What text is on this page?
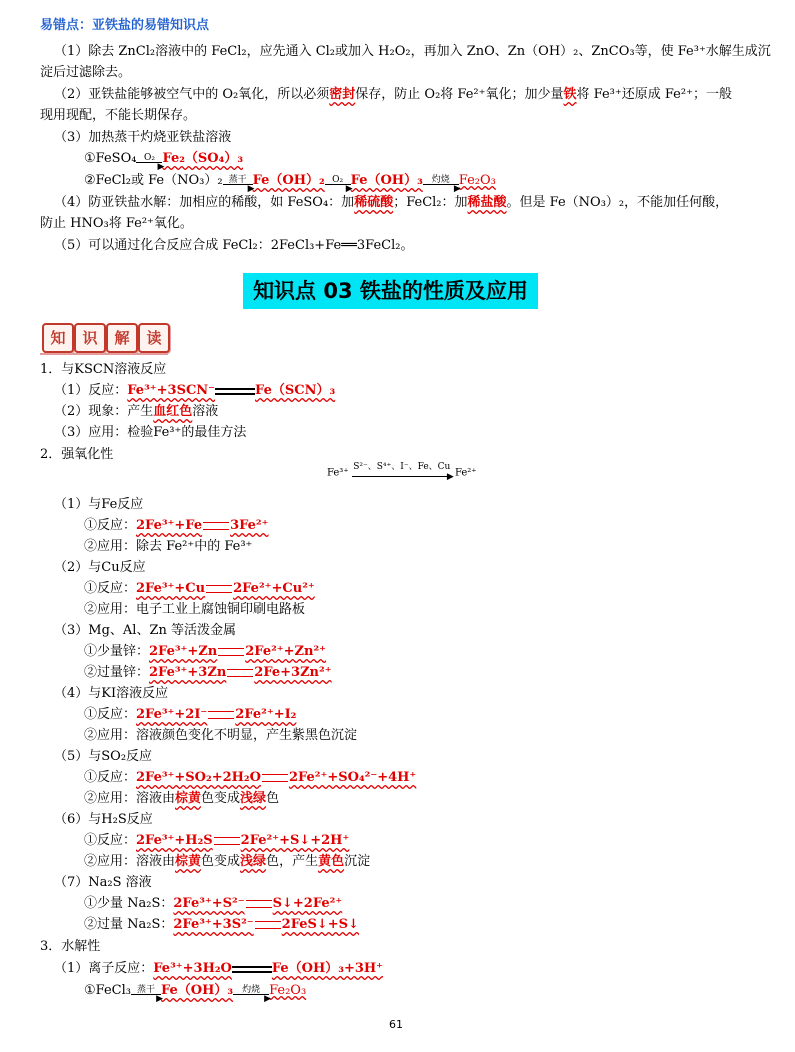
易错点：亚铁盐的易错知识点
（1）除去 ZnCl₂溶液中的 FeCl₂，应先通入 Cl₂或加入 H₂O₂，再加入 ZnO、Zn（OH）₂、ZnCO₃等，使 Fe³⁺水解生成沉
淀后过滤除去。
（2）亚铁盐能够被空气中的 O₂氧化，所以必须密封保存，防止 O₂将 Fe²⁺氧化；加少量铁将 Fe³⁺还原成 Fe²⁺；一般
现用现配，不能长期保存。
（3）加热蒸干灼烧亚铁盐溶液
①FeSO₄ O₂
▶
Fe₂（SO₄）₃
②FeCl₂或 Fe（NO₃）₂ 蒸干
▶
Fe（OH）₂ O₂
▶
Fe（OH）₃ 灼烧
▶
Fe₂O₃
（4）防亚铁盐水解：加相应的稀酸，如 FeSO₄：加稀硫酸；FeCl₂：加稀盐酸。但是 Fe（NO₃）₂，不能加任何酸，
防止 HNO₃将 Fe²⁺氧化。
（5）可以通过化合反应合成 FeCl₂：2FeCl₃+Fe══3FeCl₂。
知识点 03 铁盐的性质及应用
知	识	解	读
1．与KSCN溶液反应
（1）反应：Fe³⁺+3SCN⁻	Fe（SCN）₃
（2）现象：产生血红色溶液
（3）应用：检验Fe³⁺的最佳方法
2．强氧化性
Fe³⁺
S²⁻、S⁴⁺、I⁻、Fe、Cu
▶ Fe²⁺
（1）与Fe反应
①反应：2Fe³⁺+Fe 3Fe²⁺
②应用：除去 Fe²⁺中的 Fe³⁺
（2）与Cu反应
①反应：2Fe³⁺+Cu 2Fe²⁺+Cu²⁺
②应用：电子工业上腐蚀铜印刷电路板
（3）Mg、Al、Zn 等活泼金属
①少量锌：2Fe³⁺+Zn 2Fe²⁺+Zn²⁺
②过量锌：2Fe³⁺+3Zn 2Fe+3Zn²⁺
（4）与KI溶液反应
①反应：2Fe³⁺+2I⁻ 2Fe²⁺+I₂
②应用：溶液颜色变化不明显，产生紫黑色沉淀
（5）与SO₂反应
①反应：2Fe³⁺+SO₂+2H₂O 2Fe²⁺+SO₄²⁻+4H⁺
②应用：溶液由棕黄色变成浅绿色
（6）与H₂S反应
①反应：2Fe³⁺+H₂S 2Fe²⁺+S↓+2H⁺
②应用：溶液由棕黄色变成浅绿色，产生黄色沉淀
（7）Na₂S 溶液
①少量 Na₂S：2Fe³⁺+S²⁻ S↓+2Fe²⁺
②过量 Na₂S：2Fe³⁺+3S²⁻ 2FeS↓+S↓
3．水解性
（1）离子反应：Fe³⁺+3H₂O	Fe（OH）₃+3H⁺
①FeCl₃ 蒸干
▶
Fe（OH）₃ 灼烧
▶
Fe₂O₃
61
